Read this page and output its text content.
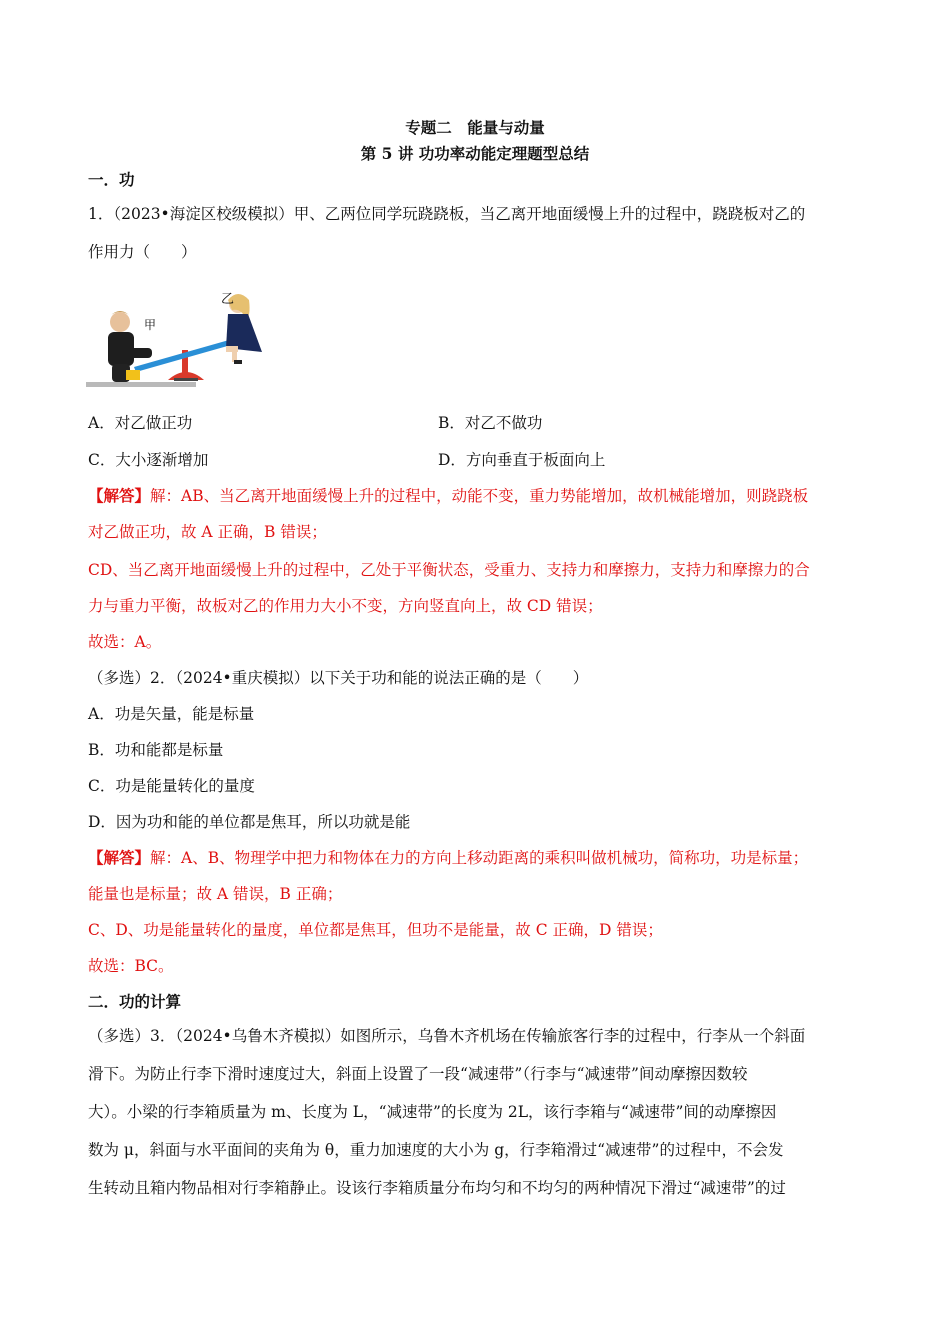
专题二　能量与动量
第 5 讲 功功率动能定理题型总结
一．功
1．（2023•海淀区校级模拟）甲、乙两位同学玩跷跷板，当乙离开地面缓慢上升的过程中，跷跷板对乙的
作用力（　　）
甲
乙
A．对乙做正功	B．对乙不做功
C．大小逐渐增加	D．方向垂直于板面向上
【解答】解：AB、当乙离开地面缓慢上升的过程中，动能不变，重力势能增加，故机械能增加，则跷跷板
对乙做正功，故 A 正确，B 错误；
CD、当乙离开地面缓慢上升的过程中，乙处于平衡状态，受重力、支持力和摩擦力，支持力和摩擦力的合
力与重力平衡，故板对乙的作用力大小不变，方向竖直向上，故 CD 错误；
故选：A。
（多选）2．（2024•重庆模拟）以下关于功和能的说法正确的是（　　）
A．功是矢量，能是标量
B．功和能都是标量
C．功是能量转化的量度
D．因为功和能的单位都是焦耳，所以功就是能
【解答】解：A、B、物理学中把力和物体在力的方向上移动距离的乘积叫做机械功，简称功，功是标量；
能量也是标量；故 A 错误，B 正确；
C、D、功是能量转化的量度，单位都是焦耳，但功不是能量，故 C 正确，D 错误；
故选：BC。
二．功的计算
（多选）3．（2024•乌鲁木齐模拟）如图所示，乌鲁木齐机场在传输旅客行李的过程中，行李从一个斜面
滑下。为防止行李下滑时速度过大，斜面上设置了一段“减速带”（行李与“减速带”间动摩擦因数较
大）。小梁的行李箱质量为 m、长度为 L，“减速带”的长度为 2L，该行李箱与“减速带”间的动摩擦因
数为 μ，斜面与水平面间的夹角为 θ，重力加速度的大小为 g，行李箱滑过“减速带”的过程中，不会发
生转动且箱内物品相对行李箱静止。设该行李箱质量分布均匀和不均匀的两种情况下滑过“减速带”的过
